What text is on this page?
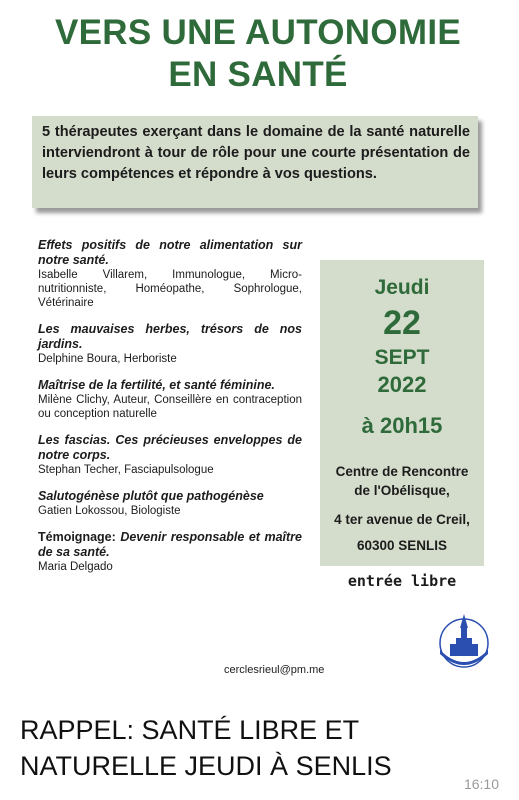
VERS UNE AUTONOMIE
EN SANTÉ
5 thérapeutes exerçant dans le domaine de la santé naturelle interviendront à tour de rôle pour une courte présentation de leurs compétences et répondre à vos questions.
Effets positifs de notre alimentation sur notre santé.
Isabelle Villarem, Immunologue, Micro-nutritionniste, Homéopathe, Sophrologue, Vétérinaire
Les mauvaises herbes, trésors de nos jardins.
Delphine Boura, Herboriste
Maîtrise de la fertilité, et santé féminine.
Milène Clichy, Auteur, Conseillère en contraception ou conception naturelle
Les fascias. Ces précieuses enveloppes de notre corps.
Stephan Techer, Fasciapulsologue
Salutogénèse plutôt que pathogénèse
Gatien Lokossou, Biologiste
Témoignage: Devenir responsable et maître de sa santé.
Maria Delgado
Jeudi
22
SEPT
2022
à 20h15
Centre de Rencontre
de l'Obélisque,
4 ter avenue de Creil,
60300 SENLIS
entrée libre
cerclesrieul@pm.me
RAPPEL: SANTÉ LIBRE ET
NATURELLE JEUDI À SENLIS
16:10
